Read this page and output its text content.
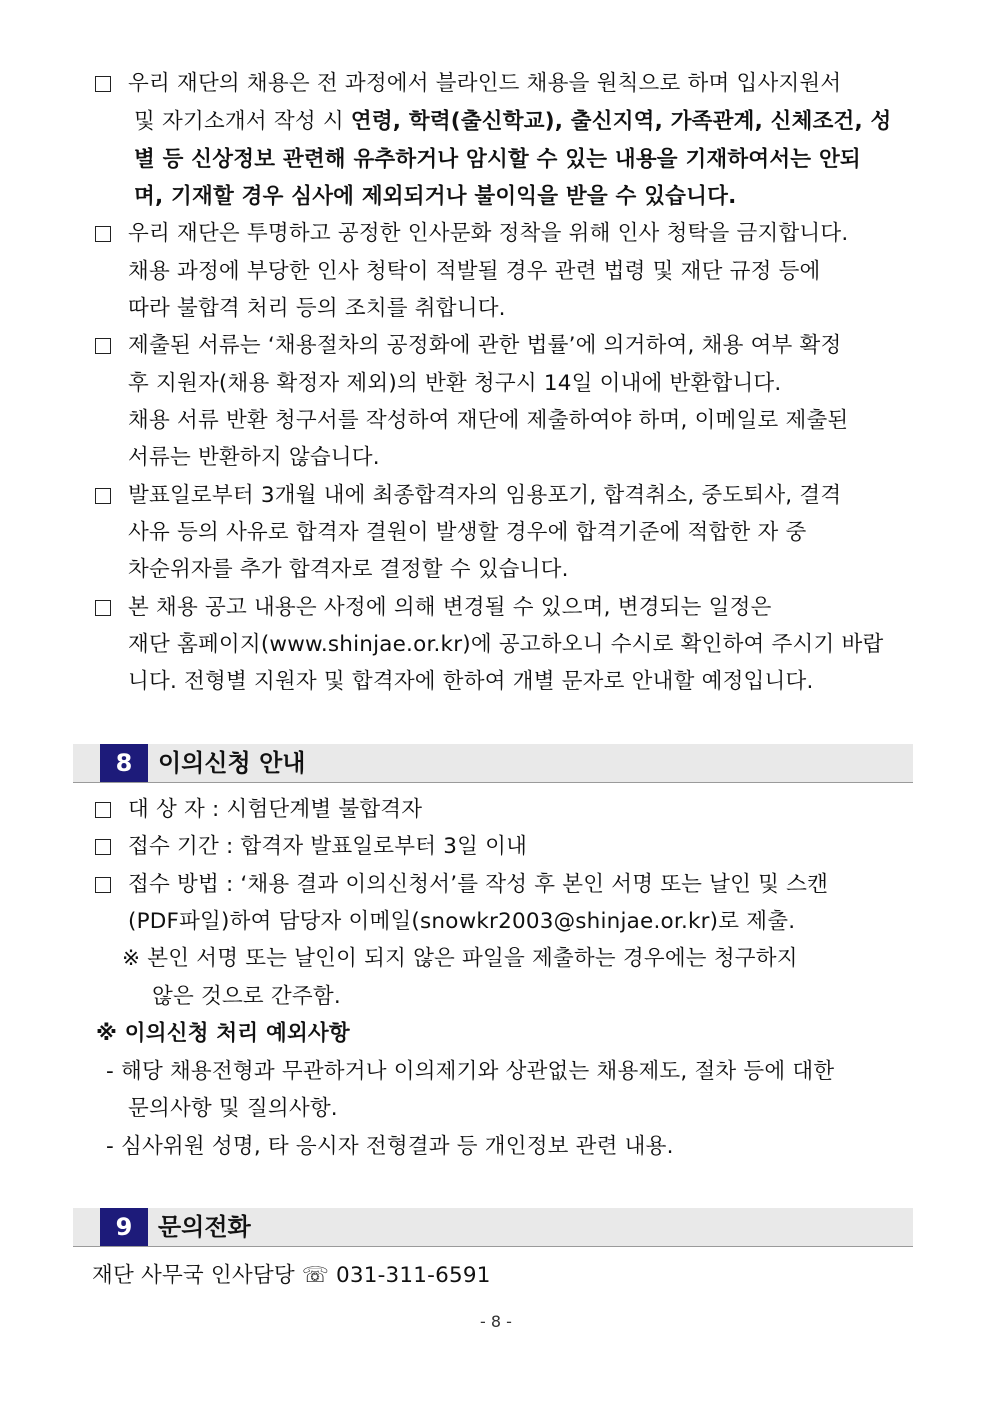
우리 재단의 채용은 전 과정에서 블라인드 채용을 원칙으로 하며 입사지원서
및 자기소개서 작성 시 연령, 학력(출신학교), 출신지역, 가족관계, 신체조건, 성
별 등 신상정보 관련해 유추하거나 암시할 수 있는 내용을 기재하여서는 안되
며, 기재할 경우 심사에 제외되거나 불이익을 받을 수 있습니다.
우리 재단은 투명하고 공정한 인사문화 정착을 위해 인사 청탁을 금지합니다.
채용 과정에 부당한 인사 청탁이 적발될 경우 관련 법령 및 재단 규정 등에
따라 불합격 처리 등의 조치를 취합니다.
제출된 서류는 ‘채용절차의 공정화에 관한 법률’에 의거하여, 채용 여부 확정
후 지원자(채용 확정자 제외)의 반환 청구시 14일 이내에 반환합니다.
채용 서류 반환 청구서를 작성하여 재단에 제출하여야 하며, 이메일로 제출된
서류는 반환하지 않습니다.
발표일로부터 3개월 내에 최종합격자의 임용포기, 합격취소, 중도퇴사, 결격
사유 등의 사유로 합격자 결원이 발생할 경우에 합격기준에 적합한 자 중
차순위자를 추가 합격자로 결정할 수 있습니다.
본 채용 공고 내용은 사정에 의해 변경될 수 있으며, 변경되는 일정은
재단 홈페이지(www.shinjae.or.kr)에 공고하오니 수시로 확인하여 주시기 바랍
니다. 전형별 지원자 및 합격자에 한하여 개별 문자로 안내할 예정입니다.
8	이의신청 안내
대 상 자 : 시험단계별 불합격자
접수 기간 : 합격자 발표일로부터 3일 이내
접수 방법 : ‘채용 결과 이의신청서’를 작성 후 본인 서명 또는 날인 및 스캔
(PDF파일)하여 담당자 이메일(snowkr2003@shinjae.or.kr)로 제출.
※ 본인 서명 또는 날인이 되지 않은 파일을 제출하는 경우에는 청구하지
않은 것으로 간주함.
※ 이의신청 처리 예외사항
- 해당 채용전형과 무관하거나 이의제기와 상관없는 채용제도, 절차 등에 대한
문의사항 및 질의사항.
- 심사위원 성명, 타 응시자 전형결과 등 개인정보 관련 내용.
9	문의전화
재단 사무국 인사담당 ☏ 031-311-6591
- 8 -
